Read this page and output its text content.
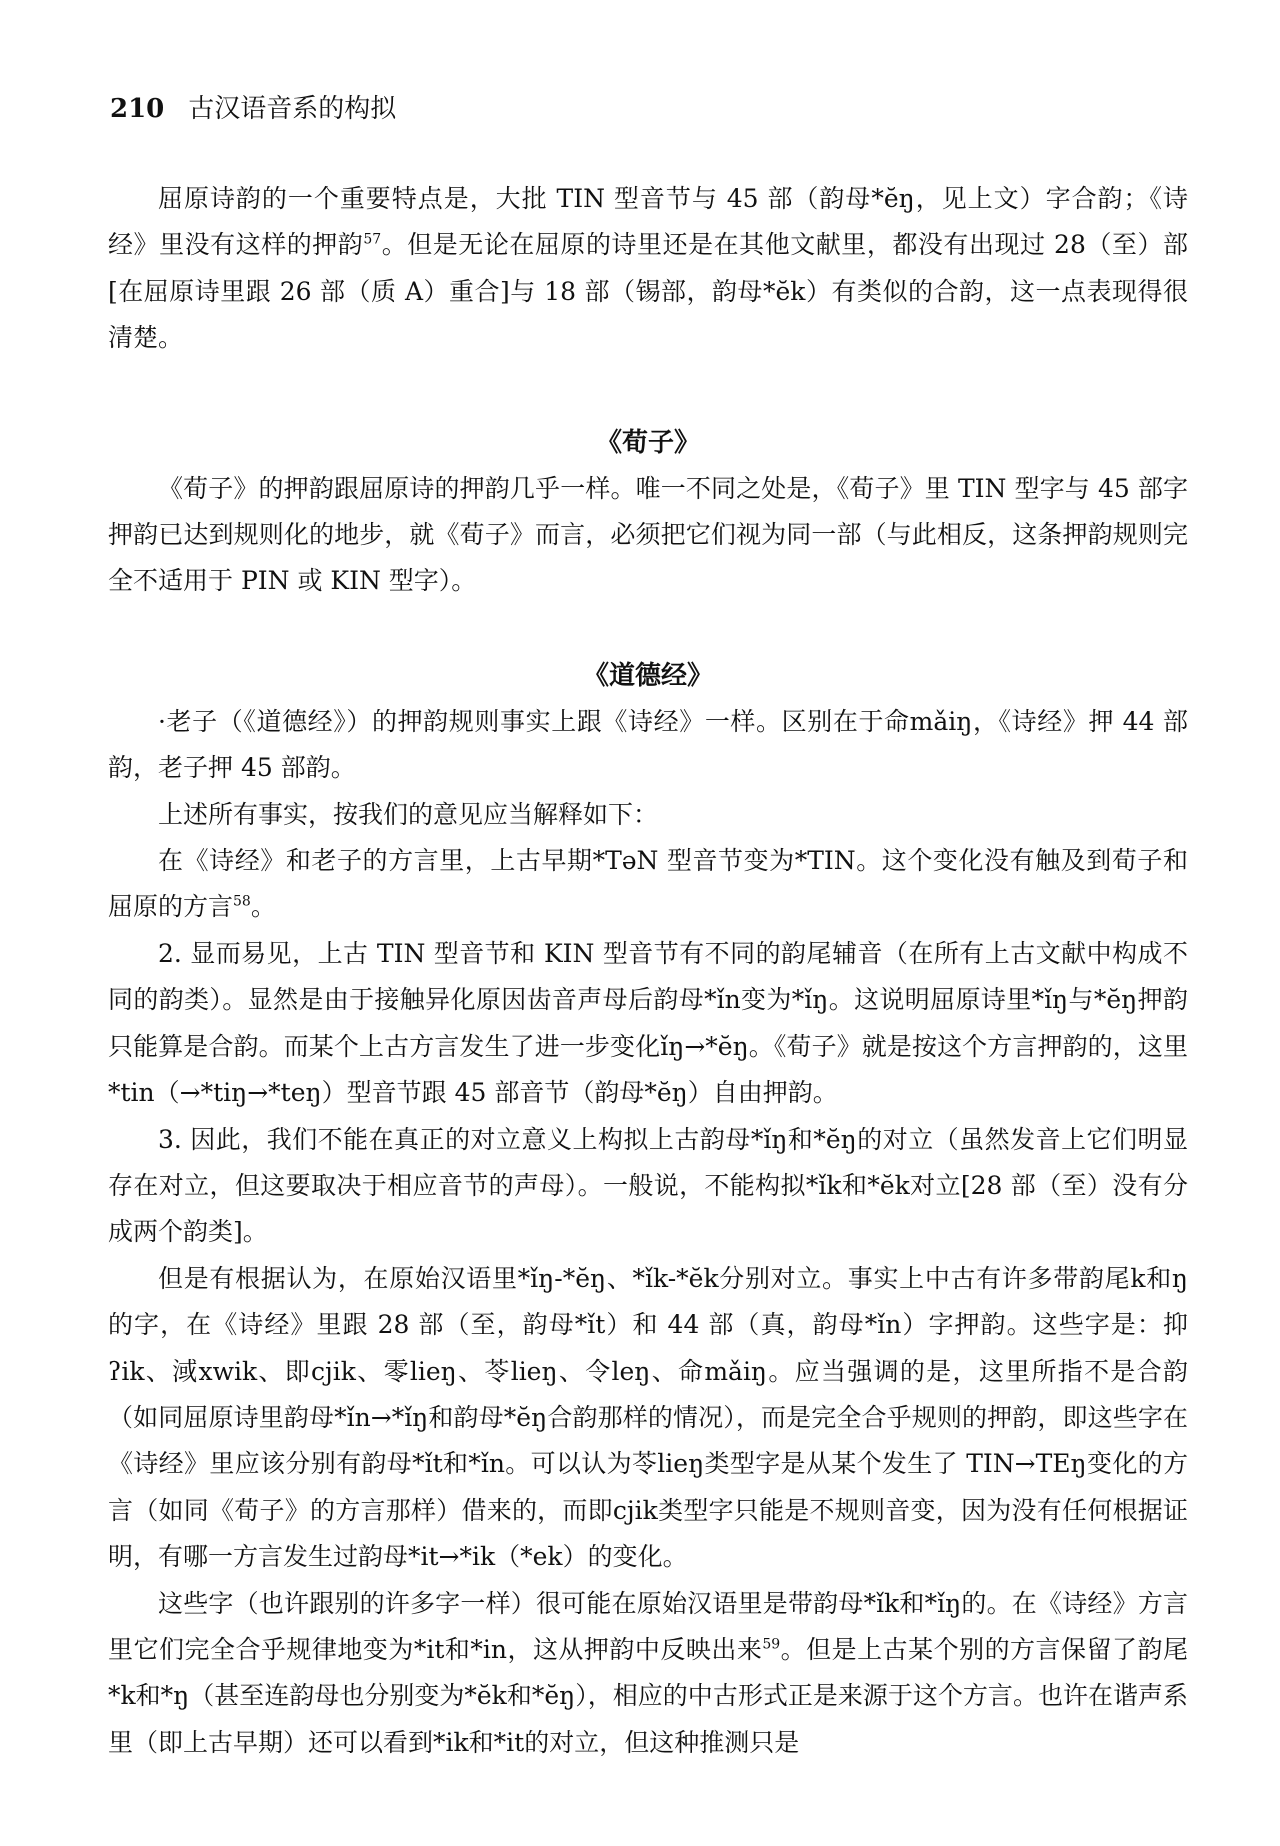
210 古汉语音系的构拟

屈原诗韵的一个重要特点是，大批 TIN 型音节与 45 部（韵母*ĕŋ，见上文）字合韵；《诗经》里没有这样的押韵$^{57}$。但是无论在屈原的诗里还是在其他文献里，都没有出现过 28（至）部[在屈原诗里跟 26 部（质 A）重合]与 18 部（锡部，韵母*ĕk）有类似的合韵，这一点表现得很清楚。

《荀子》

《荀子》的押韵跟屈原诗的押韵几乎一样。唯一不同之处是，《荀子》里 TIN 型字与 45 部字押韵已达到规则化的地步，就《荀子》而言，必须把它们视为同一部（与此相反，这条押韵规则完全不适用于 PIN 或 KIN 型字）。

《道德经》

·老子（《道德经》）的押韵规则事实上跟《诗经》一样。区别在于命mǎiŋ，《诗经》押 44 部韵，老子押 45 部韵。

上述所有事实，按我们的意见应当解释如下：

在《诗经》和老子的方言里，上古早期*TəN 型音节变为*TIN。这个变化没有触及到荀子和屈原的方言$^{58}$。

2. 显而易见，上古 TIN 型音节和 KIN 型音节有不同的韵尾辅音（在所有上古文献中构成不同的韵类）。显然是由于接触异化原因齿音声母后韵母*ǐn变为*ǐŋ。这说明屈原诗里*ǐŋ与*ĕŋ押韵只能算是合韵。而某个上古方言发生了进一步变化ǐŋ→*ĕŋ。《荀子》就是按这个方言押韵的，这里*tin（→*tiŋ→*teŋ）型音节跟 45 部音节（韵母*ĕŋ）自由押韵。

3. 因此，我们不能在真正的对立意义上构拟上古韵母*ǐŋ和*ĕŋ的对立（虽然发音上它们明显存在对立，但这要取决于相应音节的声母）。一般说，不能构拟*ǐk和*ĕk对立[28 部（至）没有分成两个韵类]。

但是有根据认为，在原始汉语里*ǐŋ-*ĕŋ、*ǐk-*ĕk分别对立。事实上中古有许多带韵尾k和ŋ的字，在《诗经》里跟 28 部（至，韵母*ǐt）和 44 部（真，韵母*ǐn）字押韵。这些字是：抑ʔik、淢xwik、即cjik、零lieŋ、苓lieŋ、令leŋ、命mǎiŋ。应当强调的是，这里所指不是合韵（如同屈原诗里韵母*ǐn→*ǐŋ和韵母*ĕŋ合韵那样的情况），而是完全合乎规则的押韵，即这些字在《诗经》里应该分别有韵母*ǐt和*ǐn。可以认为苓lieŋ类型字是从某个发生了 TIN→TEŋ变化的方言（如同《荀子》的方言那样）借来的，而即cjik类型字只能是不规则音变，因为没有任何根据证明，有哪一方言发生过韵母*it→*ik（*ek）的变化。

这些字（也许跟别的许多字一样）很可能在原始汉语里是带韵母*ǐk和*ǐŋ的。在《诗经》方言里它们完全合乎规律地变为*it和*in，这从押韵中反映出来$^{59}$。但是上古某个别的方言保留了韵尾*k和*ŋ（甚至连韵母也分别变为*ĕk和*ĕŋ），相应的中古形式正是来源于这个方言。也许在谐声系里（即上古早期）还可以看到*ik和*it的对立，但这种推测只是
